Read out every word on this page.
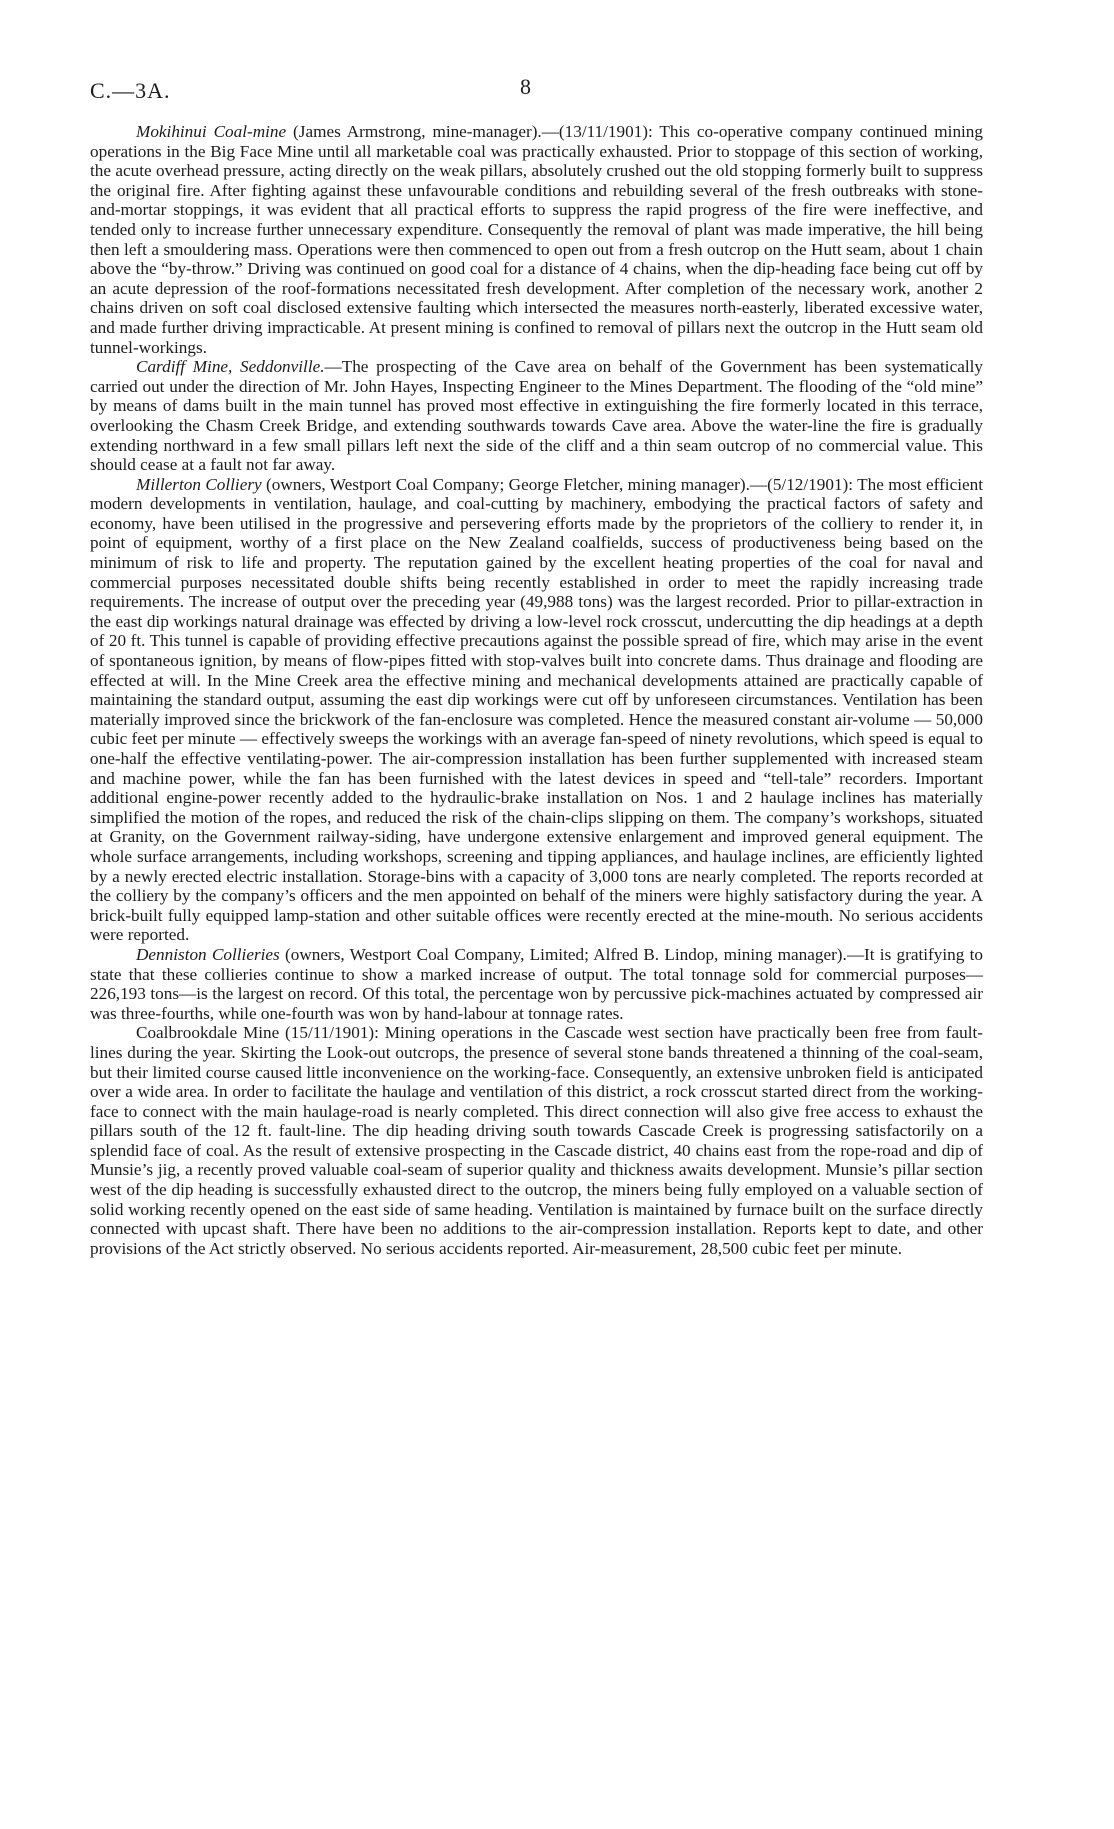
C.—3A.	8

Mokihinui Coal-mine (James Armstrong, mine-manager).—(13/11/1901): This co-operative company continued mining operations in the Big Face Mine until all marketable coal was practically exhausted. Prior to stoppage of this section of working, the acute overhead pressure, acting directly on the weak pillars, absolutely crushed out the old stopping formerly built to suppress the original fire. After fighting against these unfavourable conditions and rebuilding several of the fresh outbreaks with stone-and-mortar stoppings, it was evident that all practical efforts to suppress the rapid progress of the fire were ineffective, and tended only to increase further unnecessary expenditure. Consequently the removal of plant was made imperative, the hill being then left a smouldering mass. Operations were then commenced to open out from a fresh outcrop on the Hutt seam, about 1 chain above the “by-throw.” Driving was continued on good coal for a distance of 4 chains, when the dip-heading face being cut off by an acute depression of the roof-formations necessitated fresh development. After completion of the necessary work, another 2 chains driven on soft coal disclosed extensive faulting which intersected the measures north-easterly, liberated excessive water, and made further driving impracticable. At present mining is confined to removal of pillars next the outcrop in the Hutt seam old tunnel-workings.

Cardiff Mine, Seddonville.—The prospecting of the Cave area on behalf of the Government has been systematically carried out under the direction of Mr. John Hayes, Inspecting Engineer to the Mines Department. The flooding of the “old mine” by means of dams built in the main tunnel has proved most effective in extinguishing the fire formerly located in this terrace, overlooking the Chasm Creek Bridge, and extending southwards towards Cave area. Above the water-line the fire is gradually extending northward in a few small pillars left next the side of the cliff and a thin seam outcrop of no commercial value. This should cease at a fault not far away.

Millerton Colliery (owners, Westport Coal Company; George Fletcher, mining manager).—(5/12/1901): The most efficient modern developments in ventilation, haulage, and coal-cutting by machinery, embodying the practical factors of safety and economy, have been utilised in the progressive and persevering efforts made by the proprietors of the colliery to render it, in point of equipment, worthy of a first place on the New Zealand coalfields, success of productiveness being based on the minimum of risk to life and property. The reputation gained by the excellent heating properties of the coal for naval and commercial purposes necessitated double shifts being recently established in order to meet the rapidly increasing trade requirements. The increase of output over the preceding year (49,988 tons) was the largest recorded. Prior to pillar-extraction in the east dip workings natural drainage was effected by driving a low-level rock crosscut, undercutting the dip headings at a depth of 20 ft. This tunnel is capable of providing effective precautions against the possible spread of fire, which may arise in the event of spontaneous ignition, by means of flow-pipes fitted with stop-valves built into concrete dams. Thus drainage and flooding are effected at will. In the Mine Creek area the effective mining and mechanical developments attained are practically capable of maintaining the standard output, assuming the east dip workings were cut off by unforeseen circumstances. Ventilation has been materially improved since the brickwork of the fan-enclosure was completed. Hence the measured constant air-volume — 50,000 cubic feet per minute — effectively sweeps the workings with an average fan-speed of ninety revolutions, which speed is equal to one-half the effective ventilating-power. The air-compression installation has been further supplemented with increased steam and machine power, while the fan has been furnished with the latest devices in speed and “tell-tale” recorders. Important additional engine-power recently added to the hydraulic-brake installation on Nos. 1 and 2 haulage inclines has materially simplified the motion of the ropes, and reduced the risk of the chain-clips slipping on them. The company’s workshops, situated at Granity, on the Government railway-siding, have undergone extensive enlargement and improved general equipment. The whole surface arrangements, including workshops, screening and tipping appliances, and haulage inclines, are efficiently lighted by a newly erected electric installation. Storage-bins with a capacity of 3,000 tons are nearly completed. The reports recorded at the colliery by the company’s officers and the men appointed on behalf of the miners were highly satisfactory during the year. A brick-built fully equipped lamp-station and other suitable offices were recently erected at the mine-mouth. No serious accidents were reported.

Denniston Collieries (owners, Westport Coal Company, Limited; Alfred B. Lindop, mining manager).—It is gratifying to state that these collieries continue to show a marked increase of output. The total tonnage sold for commercial purposes—226,193 tons—is the largest on record. Of this total, the percentage won by percussive pick-machines actuated by compressed air was three-fourths, while one-fourth was won by hand-labour at tonnage rates.

Coalbrookdale Mine (15/11/1901): Mining operations in the Cascade west section have practically been free from fault-lines during the year. Skirting the Look-out outcrops, the presence of several stone bands threatened a thinning of the coal-seam, but their limited course caused little inconvenience on the working-face. Consequently, an extensive unbroken field is anticipated over a wide area. In order to facilitate the haulage and ventilation of this district, a rock crosscut started direct from the working-face to connect with the main haulage-road is nearly completed. This direct connection will also give free access to exhaust the pillars south of the 12 ft. fault-line. The dip heading driving south towards Cascade Creek is progressing satisfactorily on a splendid face of coal. As the result of extensive prospecting in the Cascade district, 40 chains east from the rope-road and dip of Munsie’s jig, a recently proved valuable coal-seam of superior quality and thickness awaits development. Munsie’s pillar section west of the dip heading is successfully exhausted direct to the outcrop, the miners being fully employed on a valuable section of solid working recently opened on the east side of same heading. Ventilation is maintained by furnace built on the surface directly connected with upcast shaft. There have been no additions to the air-compression installation. Reports kept to date, and other provisions of the Act strictly observed. No serious accidents reported. Air-measurement, 28,500 cubic feet per minute.
